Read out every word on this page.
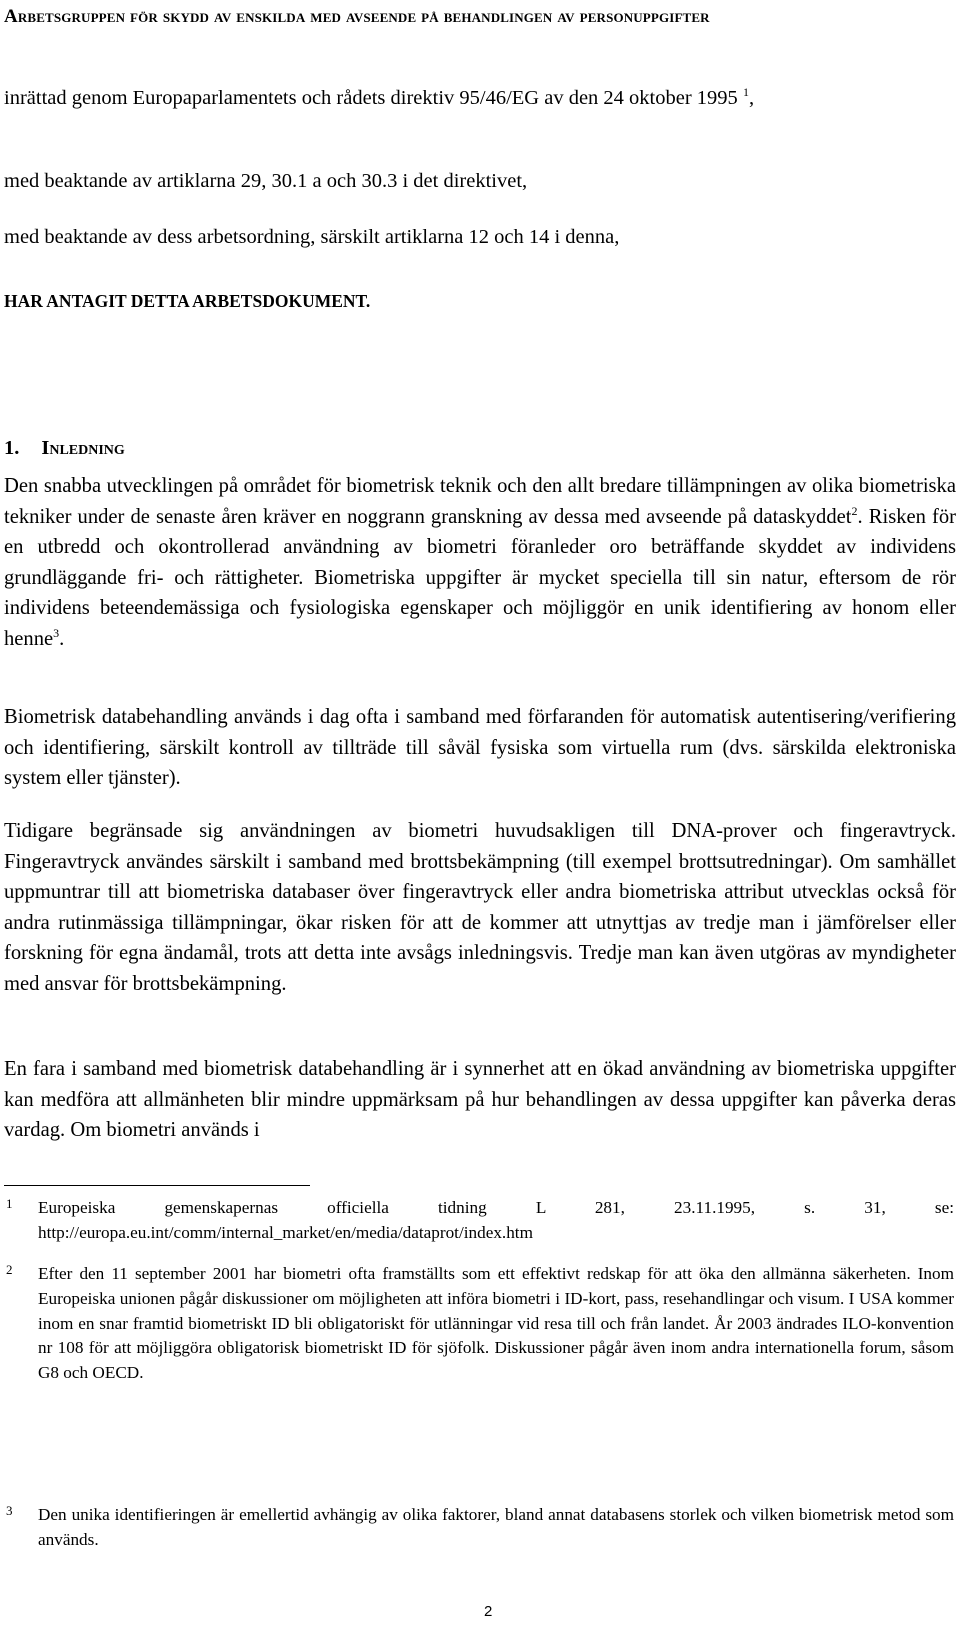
Arbetsgruppen för skydd av enskilda med avseende på behandlingen av personuppgifter
inrättad genom Europaparlamentets och rådets direktiv 95/46/EG av den 24 oktober 1995 $^1$,
med beaktande av artiklarna 29, 30.1 a och 30.3 i det direktivet,
med beaktande av dess arbetsordning, särskilt artiklarna 12 och 14 i denna,
HAR ANTAGIT DETTA ARBETSDOKUMENT.
1. Inledning
Den snabba utvecklingen på området för biometrisk teknik och den allt bredare tillämpningen av olika biometriska tekniker under de senaste åren kräver en noggrann granskning av dessa med avseende på dataskyddet$^2$. Risken för en utbredd och okontrollerad användning av biometri föranleder oro beträffande skyddet av individens grundläggande fri- och rättigheter. Biometriska uppgifter är mycket speciella till sin natur, eftersom de rör individens beteendemässiga och fysiologiska egenskaper och möjliggör en unik identifiering av honom eller henne$^3$.
Biometrisk databehandling används i dag ofta i samband med förfaranden för automatisk autentisering/verifiering och identifiering, särskilt kontroll av tillträde till såväl fysiska som virtuella rum (dvs. särskilda elektroniska system eller tjänster).
Tidigare begränsade sig användningen av biometri huvudsakligen till DNA-prover och fingeravtryck. Fingeravtryck användes särskilt i samband med brottsbekämpning (till exempel brottsutredningar). Om samhället uppmuntrar till att biometriska databaser över fingeravtryck eller andra biometriska attribut utvecklas också för andra rutinmässiga tillämpningar, ökar risken för att de kommer att utnyttjas av tredje man i jämförelser eller forskning för egna ändamål, trots att detta inte avsågs inledningsvis. Tredje man kan även utgöras av myndigheter med ansvar för brottsbekämpning.
En fara i samband med biometrisk databehandling är i synnerhet att en ökad användning av biometriska uppgifter kan medföra att allmänheten blir mindre uppmärksam på hur behandlingen av dessa uppgifter kan påverka deras vardag. Om biometri används i
1 Europeiska gemenskapernas officiella tidning L 281, 23.11.1995, s. 31, se: http://europa.eu.int/comm/internal_market/en/media/dataprot/index.htm
2 Efter den 11 september 2001 har biometri ofta framställts som ett effektivt redskap för att öka den allmänna säkerheten. Inom Europeiska unionen pågår diskussioner om möjligheten att införa biometri i ID-kort, pass, resehandlingar och visum. I USA kommer inom en snar framtid biometriskt ID bli obligatoriskt för utlänningar vid resa till och från landet. År 2003 ändrades ILO-konvention nr 108 för att möjliggöra obligatorisk biometriskt ID för sjöfolk. Diskussioner pågår även inom andra internationella forum, såsom G8 och OECD.
3 Den unika identifieringen är emellertid avhängig av olika faktorer, bland annat databasens storlek och vilken biometrisk metod som används.
2
